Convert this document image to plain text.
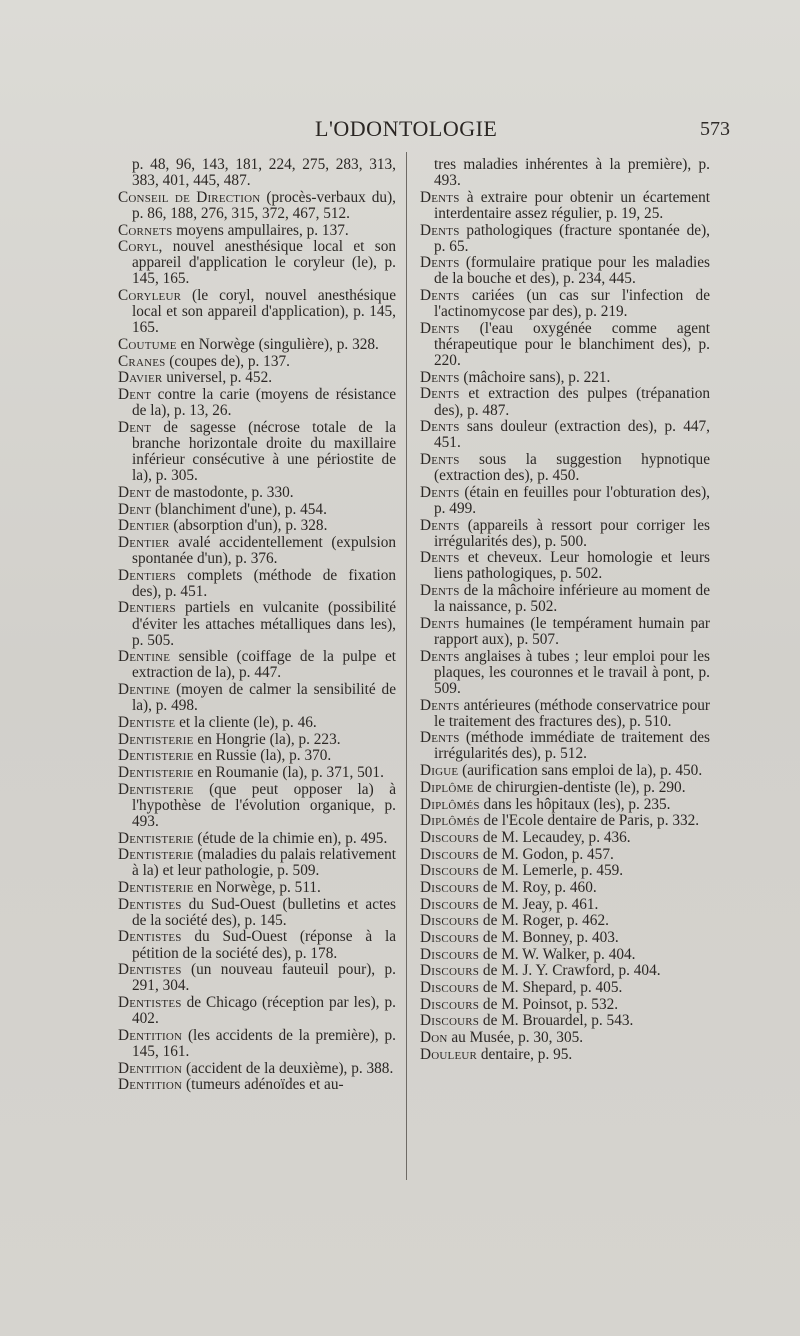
L'ODONTOLOGIE	573

p. 48, 96, 143, 181, 224, 275, 283, 313, 383, 401, 445, 487.

Conseil de Direction (procès-verbaux du), p. 86, 188, 276, 315, 372, 467, 512.

Cornets moyens ampullaires, p. 137.

Coryl, nouvel anesthésique local et son appareil d'application le coryleur (le), p. 145, 165.

Coryleur (le coryl, nouvel anesthésique local et son appareil d'application), p. 145, 165.

Coutume en Norwège (singulière), p. 328.

Cranes (coupes de), p. 137.

Davier universel, p. 452.

Dent contre la carie (moyens de résistance de la), p. 13, 26.

Dent de sagesse (nécrose totale de la branche horizontale droite du maxillaire inférieur consécutive à une périostite de la), p. 305.

Dent de mastodonte, p. 330.

Dent (blanchiment d'une), p. 454.

Dentier (absorption d'un), p. 328.

Dentier avalé accidentellement (expulsion spontanée d'un), p. 376.

Dentiers complets (méthode de fixation des), p. 451.

Dentiers partiels en vulcanite (possibilité d'éviter les attaches métalliques dans les), p. 505.

Dentine sensible (coiffage de la pulpe et extraction de la), p. 447.

Dentine (moyen de calmer la sensibilité de la), p. 498.

Dentiste et la cliente (le), p. 46.

Dentisterie en Hongrie (la), p. 223.

Dentisterie en Russie (la), p. 370.

Dentisterie en Roumanie (la), p. 371, 501.

Dentisterie (que peut opposer la) à l'hypothèse de l'évolution organique, p. 493.

Dentisterie (étude de la chimie en), p. 495.

Dentisterie (maladies du palais relativement à la) et leur pathologie, p. 509.

Dentisterie en Norwège, p. 511.

Dentistes du Sud-Ouest (bulletins et actes de la société des), p. 145.

Dentistes du Sud-Ouest (réponse à la pétition de la société des), p. 178.

Dentistes (un nouveau fauteuil pour), p. 291, 304.

Dentistes de Chicago (réception par les), p. 402.

Dentition (les accidents de la première), p. 145, 161.

Dentition (accident de la deuxième), p. 388.

Dentition (tumeurs adénoïdes et au-

tres maladies inhérentes à la première), p. 493.

Dents à extraire pour obtenir un écartement interdentaire assez régulier, p. 19, 25.

Dents pathologiques (fracture spontanée de), p. 65.

Dents (formulaire pratique pour les maladies de la bouche et des), p. 234, 445.

Dents cariées (un cas sur l'infection de l'actinomycose par des), p. 219.

Dents (l'eau oxygénée comme agent thérapeutique pour le blanchiment des), p. 220.

Dents (mâchoire sans), p. 221.

Dents et extraction des pulpes (trépanation des), p. 487.

Dents sans douleur (extraction des), p. 447, 451.

Dents sous la suggestion hypnotique (extraction des), p. 450.

Dents (étain en feuilles pour l'obturation des), p. 499.

Dents (appareils à ressort pour corriger les irrégularités des), p. 500.

Dents et cheveux. Leur homologie et leurs liens pathologiques, p. 502.

Dents de la mâchoire inférieure au moment de la naissance, p. 502.

Dents humaines (le tempérament humain par rapport aux), p. 507.

Dents anglaises à tubes ; leur emploi pour les plaques, les couronnes et le travail à pont, p. 509.

Dents antérieures (méthode conservatrice pour le traitement des fractures des), p. 510.

Dents (méthode immédiate de traitement des irrégularités des), p. 512.

Digue (aurification sans emploi de la), p. 450.

Diplôme de chirurgien-dentiste (le), p. 290.

Diplômés dans les hôpitaux (les), p. 235.

Diplômés de l'Ecole dentaire de Paris, p. 332.

Discours de M. Lecaudey, p. 436.

Discours de M. Godon, p. 457.

Discours de M. Lemerle, p. 459.

Discours de M. Roy, p. 460.

Discours de M. Jeay, p. 461.

Discours de M. Roger, p. 462.

Discours de M. Bonney, p. 403.

Discours de M. W. Walker, p. 404.

Discours de M. J. Y. Crawford, p. 404.

Discours de M. Shepard, p. 405.

Discours de M. Poinsot, p. 532.

Discours de M. Brouardel, p. 543.

Don au Musée, p. 30, 305.

Douleur dentaire, p. 95.
